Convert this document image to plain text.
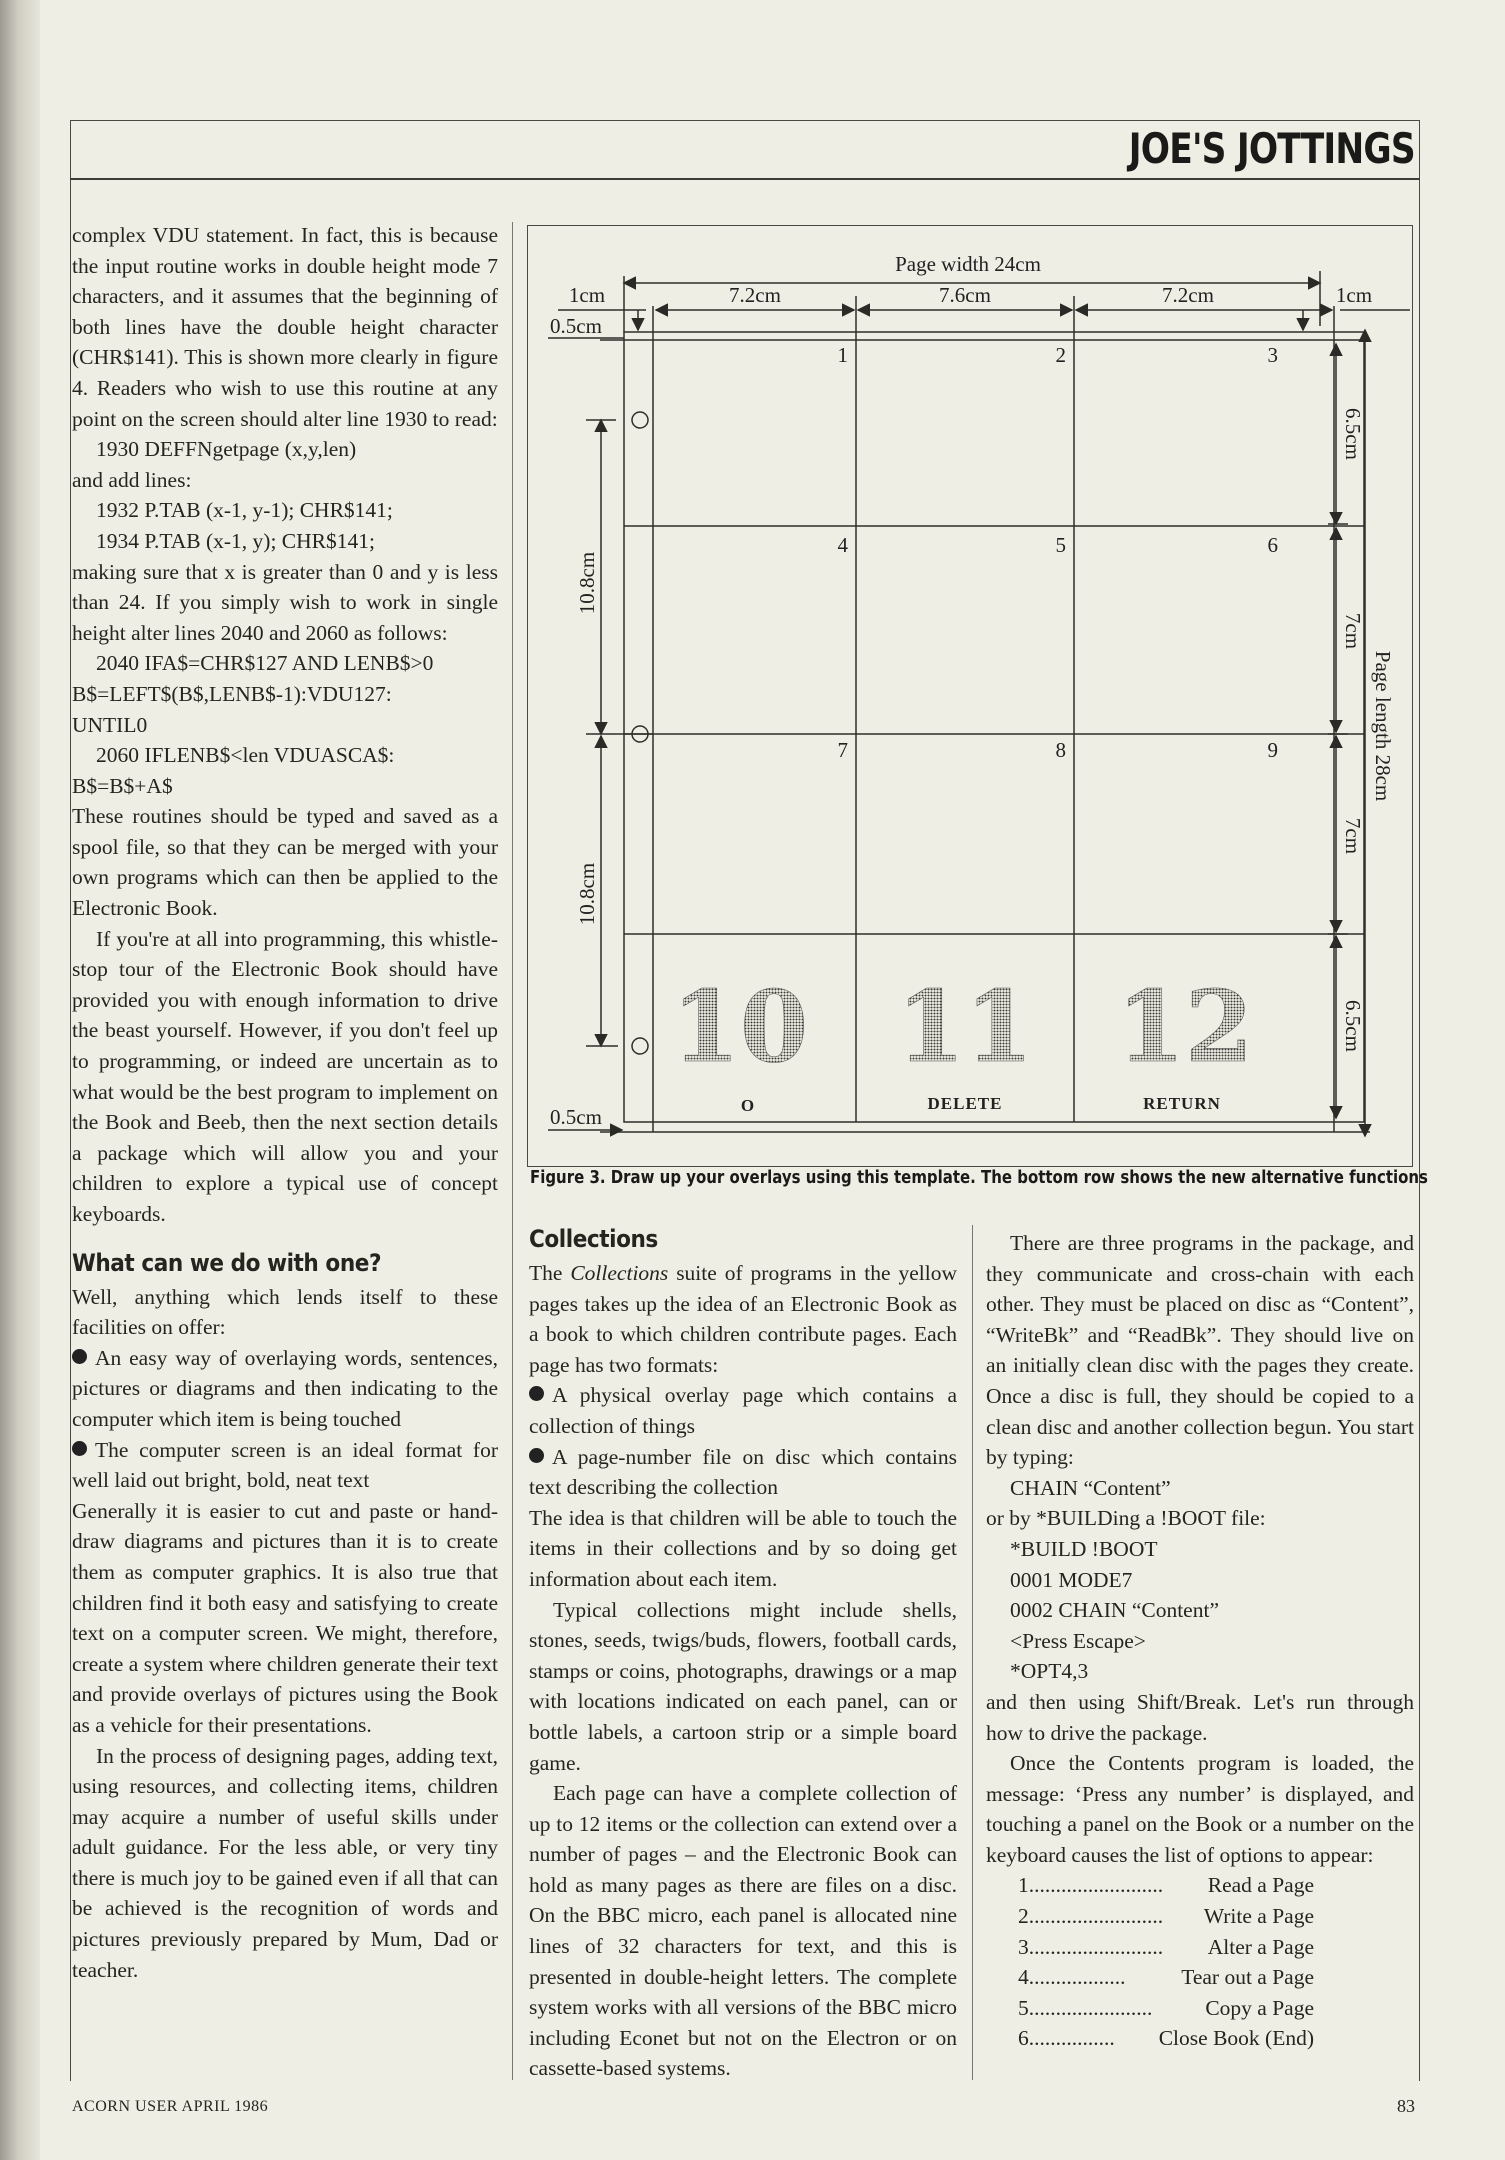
JOE'S JOTTINGS

complex VDU statement. In fact, this is because the input routine works in double height mode 7 characters, and it assumes that the beginning of both lines have the double height character (CHR$141). This is shown more clearly in figure 4. Readers who wish to use this routine at any point on the screen should alter line 1930 to read:

1930 DEFFNgetpage (x,y,len)

and add lines:

1932 P.TAB (x-1, y-1); CHR$141;

1934 P.TAB (x-1, y); CHR$141;

making sure that x is greater than 0 and y is less than 24. If you simply wish to work in single height alter lines 2040 and 2060 as follows:

2040 IFA$=CHR$127 AND LENB$>0

B$=LEFT$(B$,LENB$-1):VDU127:

UNTIL0

2060 IFLENB$<len VDUASCA$:

B$=B$+A$

These routines should be typed and saved as a spool file, so that they can be merged with your own programs which can then be applied to the Electronic Book.

If you're at all into programming, this whistle-stop tour of the Electronic Book should have provided you with enough information to drive the beast yourself. However, if you don't feel up to programming, or indeed are uncertain as to what would be the best program to implement on the Book and Beeb, then the next section details a package which will allow you and your children to explore a typical use of concept keyboards.

What can we do with one?

Well, anything which lends itself to these facilities on offer:

An easy way of overlaying words, sentences, pictures or diagrams and then indicating to the computer which item is being touched

The computer screen is an ideal format for well laid out bright, bold, neat text

Generally it is easier to cut and paste or hand-draw diagrams and pictures than it is to create them as computer graphics. It is also true that children find it both easy and satisfying to create text on a computer screen. We might, therefore, create a system where children generate their text and provide overlays of pictures using the Book as a vehicle for their presentations.

In the process of designing pages, adding text, using resources, and collecting items, children may acquire a number of useful skills under adult guidance. For the less able, or very tiny there is much joy to be gained even if all that can be achieved is the recognition of words and pictures previously prepared by Mum, Dad or teacher.

Page width 24cm
1cm	1cm
7.2cm	7.6cm	7.2cm
0.5cm
0.5cm
1	2	3
4	5	6
7	8	9
6.5cm
7cm
7cm
6.5cm
Page length 28cm
10.8cm
10.8cm
10 11 12
O	DELETE	RETURN
Figure 3. Draw up your overlays using this template. The bottom row shows the new alternative functions
Collections

The Collections suite of programs in the yellow pages takes up the idea of an Electronic Book as a book to which children contribute pages. Each page has two formats:

A physical overlay page which contains a collection of things

A page-number file on disc which contains text describing the collection

The idea is that children will be able to touch the items in their collections and by so doing get information about each item.

Typical collections might include shells, stones, seeds, twigs/buds, flowers, football cards, stamps or coins, photographs, drawings or a map with locations indicated on each panel, can or bottle labels, a cartoon strip or a simple board game.

Each page can have a complete collection of up to 12 items or the collection can extend over a number of pages – and the Electronic Book can hold as many pages as there are files on a disc. On the BBC micro, each panel is allocated nine lines of 32 characters for text, and this is presented in double-height letters. The complete system works with all versions of the BBC micro including Econet but not on the Electron or on cassette-based systems.

There are three programs in the package, and they communicate and cross-chain with each other. They must be placed on disc as “Content”, “WriteBk” and “ReadBk”. They should live on an initially clean disc with the pages they create. Once a disc is full, they should be copied to a clean disc and another collection begun. You start by typing:

CHAIN “Content”

or by *BUILDing a !BOOT file:

*BUILD !BOOT

0001 MODE7

0002 CHAIN “Content”

<Press Escape>

*OPT4,3

and then using Shift/Break. Let's run through how to drive the package.

Once the Contents program is loaded, the message: ‘Press any number’ is displayed, and touching a panel on the Book or a number on the keyboard causes the list of options to appear:

1......................... Read a Page
2......................... Write a Page
3......................... Alter a Page
4..................	Tear out a Page
5....................... Copy a Page
6................ Close Book (End)
ACORN USER APRIL 1986	83
